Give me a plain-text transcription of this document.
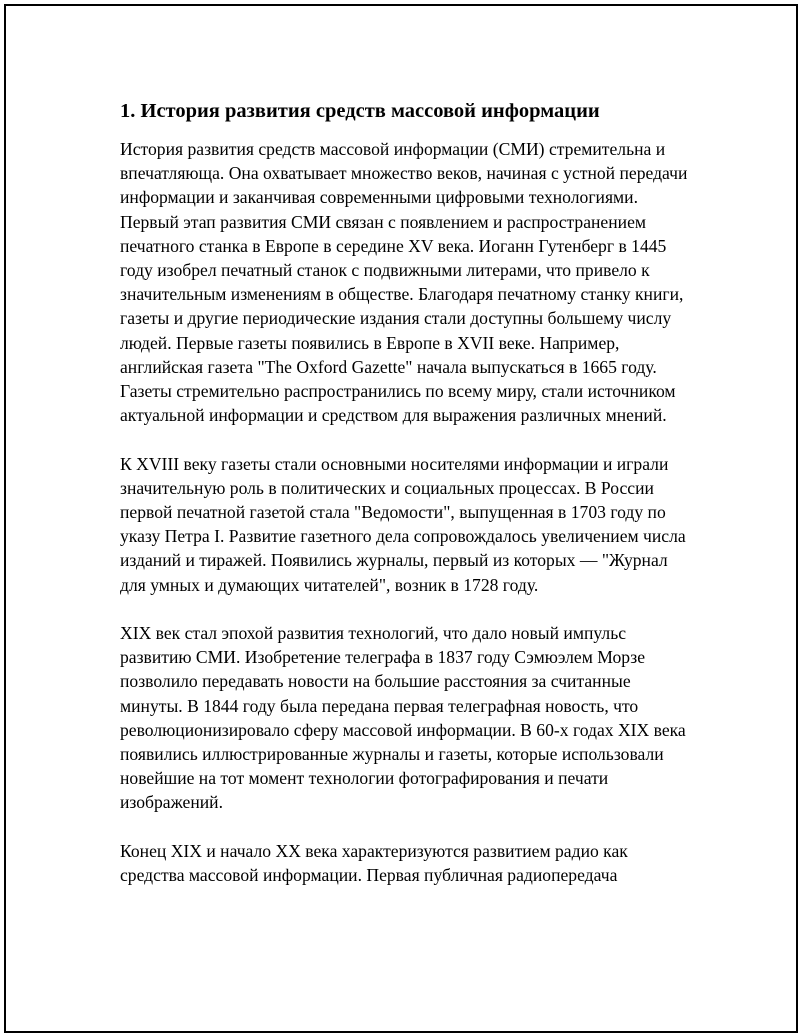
1. История развития средств массовой информации

История развития средств массовой информации (СМИ) стремительна и впечатляюща. Она охватывает множество веков, начиная с устной передачи информации и заканчивая современными цифровыми технологиями. Первый этап развития СМИ связан с появлением и распространением печатного станка в Европе в середине XV века. Иоганн Гутенберг в 1445 году изобрел печатный станок с подвижными литерами, что привело к значительным изменениям в обществе. Благодаря печатному станку книги, газеты и другие периодические издания стали доступны большему числу людей. Первые газеты появились в Европе в XVII веке. Например, английская газета "The Oxford Gazette" начала выпускаться в 1665 году. Газеты стремительно распространились по всему миру, стали источником актуальной информации и средством для выражения различных мнений.

К XVIII веку газеты стали основными носителями информации и играли значительную роль в политических и социальных процессах. В России первой печатной газетой стала "Ведомости", выпущенная в 1703 году по указу Петра I. Развитие газетного дела сопровождалось увеличением числа изданий и тиражей. Появились журналы, первый из которых — "Журнал для умных и думающих читателей", возник в 1728 году.

XIX век стал эпохой развития технологий, что дало новый импульс развитию СМИ. Изобретение телеграфа в 1837 году Сэмюэлем Морзе позволило передавать новости на большие расстояния за считанные минуты. В 1844 году была передана первая телеграфная новость, что революционизировало сферу массовой информации. В 60-х годах XIX века появились иллюстрированные журналы и газеты, которые использовали новейшие на тот момент технологии фотографирования и печати изображений.

Конец XIX и начало XX века характеризуются развитием радио как средства массовой информации. Первая публичная радиопередача
